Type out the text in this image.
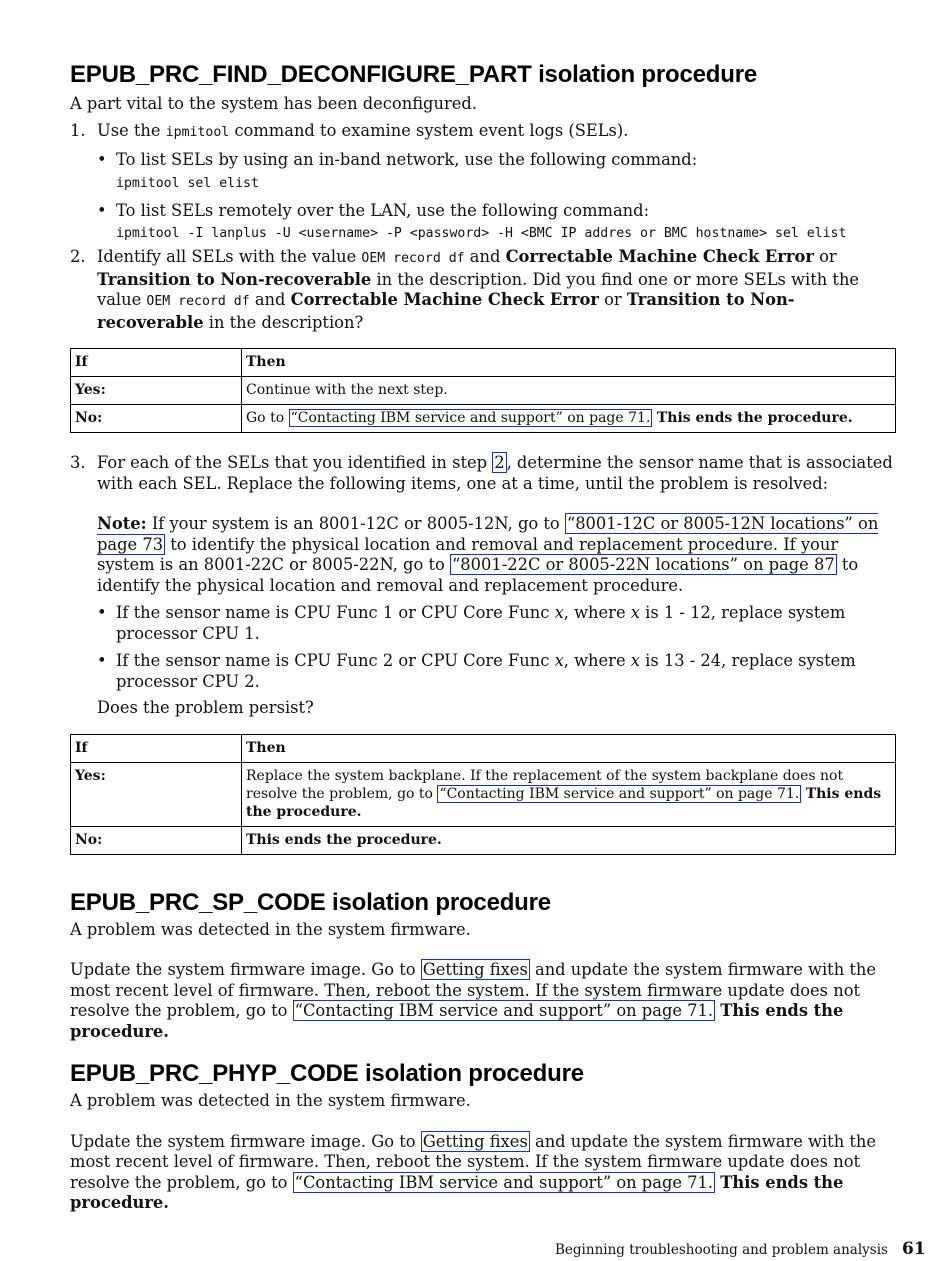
EPUB_PRC_FIND_DECONFIGURE_PART isolation procedure

A part vital to the system has been deconfigured.

1. Use the ipmitool command to examine system event logs (SELs).

• To list SELs by using an in-band network, use the following command:

ipmitool sel elist
• To list SELs remotely over the LAN, use the following command:

ipmitool -I lanplus -U <username> -P <password> -H <BMC IP addres or BMC hostname> sel elist
2. Identify all SELs with the value OEM record df and Correctable Machine Check Error or Transition to Non-recoverable in the description. Did you find one or more SELs with the value OEM record df and Correctable Machine Check Error or Transition to Non-recoverable in the description?

If	Then
Yes:	Continue with the next step.
No:	Go to “Contacting IBM service and support” on page 71. This ends the procedure.
3. For each of the SELs that you identified in step 2 , determine the sensor name that is associated with each SEL. Replace the following items, one at a time, until the problem is resolved:

Note: If your system is an 8001-12C or 8005-12N, go to “8001-12C or 8005-12N locations” on page 73 to identify the physical location and removal and replacement procedure. If your system is an 8001-22C or 8005-22N, go to “8001-22C or 8005-22N locations” on page 87 to identify the physical location and removal and replacement procedure.

• If the sensor name is CPU Func 1 or CPU Core Func x, where x is 1 - 12, replace system processor CPU 1.

• If the sensor name is CPU Func 2 or CPU Core Func x, where x is 13 - 24, replace system processor CPU 2.

Does the problem persist?

If	Then
Yes:	Replace the system backplane. If the replacement of the system backplane does not resolve the problem, go to “Contacting IBM service and support” on page 71. This ends the procedure.
No:	This ends the procedure.
EPUB_PRC_SP_CODE isolation procedure

A problem was detected in the system firmware.

Update the system firmware image. Go to Getting fixes and update the system firmware with the most recent level of firmware. Then, reboot the system. If the system firmware update does not resolve the problem, go to “Contacting IBM service and support” on page 71. This ends the procedure.

EPUB_PRC_PHYP_CODE isolation procedure

A problem was detected in the system firmware.

Update the system firmware image. Go to Getting fixes and update the system firmware with the most recent level of firmware. Then, reboot the system. If the system firmware update does not resolve the problem, go to “Contacting IBM service and support” on page 71. This ends the procedure.

Beginning troubleshooting and problem analysis 61
